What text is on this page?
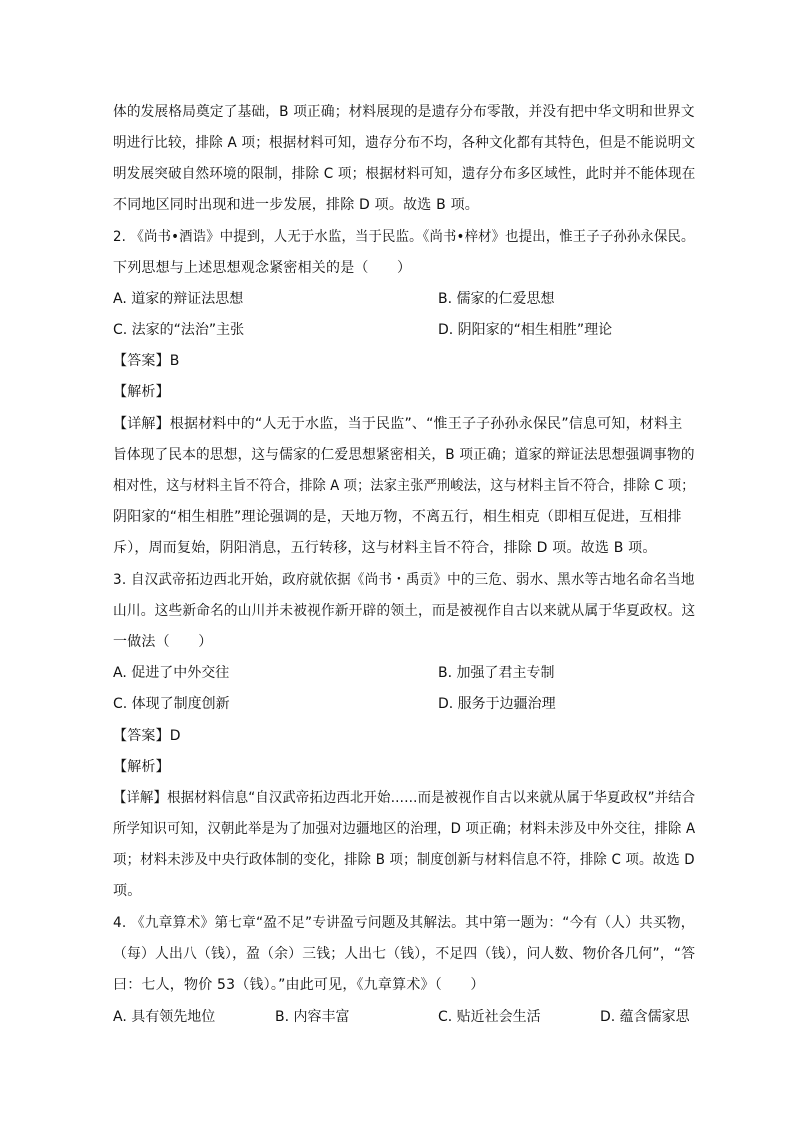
体的发展格局奠定了基础，B 项正确；材料展现的是遗存分布零散，并没有把中华文明和世界文
明进行比较，排除 A 项；根据材料可知，遗存分布不均，各种文化都有其特色，但是不能说明文
明发展突破自然环境的限制，排除 C 项；根据材料可知，遗存分布多区域性，此时并不能体现在
不同地区同时出现和进一步发展，排除 D 项。故选 B 项。
2. 《尚书•酒诰》中提到，人无于水监，当于民监。《尚书•梓材》也提出，惟王子子孙孙永保民。
下列思想与上述思想观念紧密相关的是（　　）
A. 道家的辩证法思想	B. 儒家的仁爱思想
C. 法家的“法治”主张	D. 阴阳家的“相生相胜”理论
【答案】B
【解析】
【详解】根据材料中的“人无于水监，当于民监”、“惟王子子孙孙永保民”信息可知，材料主
旨体现了民本的思想，这与儒家的仁爱思想紧密相关，B 项正确；道家的辩证法思想强调事物的
相对性，这与材料主旨不符合，排除 A 项；法家主张严刑峻法，这与材料主旨不符合，排除 C 项；
阴阳家的“相生相胜”理论强调的是，天地万物，不离五行，相生相克（即相互促进，互相排
斥），周而复始，阴阳消息，五行转移，这与材料主旨不符合，排除 D 项。故选 B 项。
3. 自汉武帝拓边西北开始，政府就依据《尚书・禹贡》中的三危、弱水、黑水等古地名命名当地
山川。这些新命名的山川并未被视作新开辟的领土，而是被视作自古以来就从属于华夏政权。这
一做法（　　）
A. 促进了中外交往	B. 加强了君主专制
C. 体现了制度创新	D. 服务于边疆治理
【答案】D
【解析】
【详解】根据材料信息“自汉武帝拓边西北开始……而是被视作自古以来就从属于华夏政权”并结合
所学知识可知，汉朝此举是为了加强对边疆地区的治理，D 项正确；材料未涉及中外交往，排除 A
项；材料未涉及中央行政体制的变化，排除 B 项；制度创新与材料信息不符，排除 C 项。故选 D
项。
4. 《九章算术》第七章“盈不足”专讲盈亏问题及其解法。其中第一题为：“今有（人）共买物，
（每）人出八（钱），盈（余）三钱；人出七（钱），不足四（钱），问人数、物价各几何”，“答
曰：七人，物价 53（钱）。”由此可见，《九章算术》（　　）
A. 具有领先地位	B. 内容丰富	C. 贴近社会生活	D. 蕴含儒家思
